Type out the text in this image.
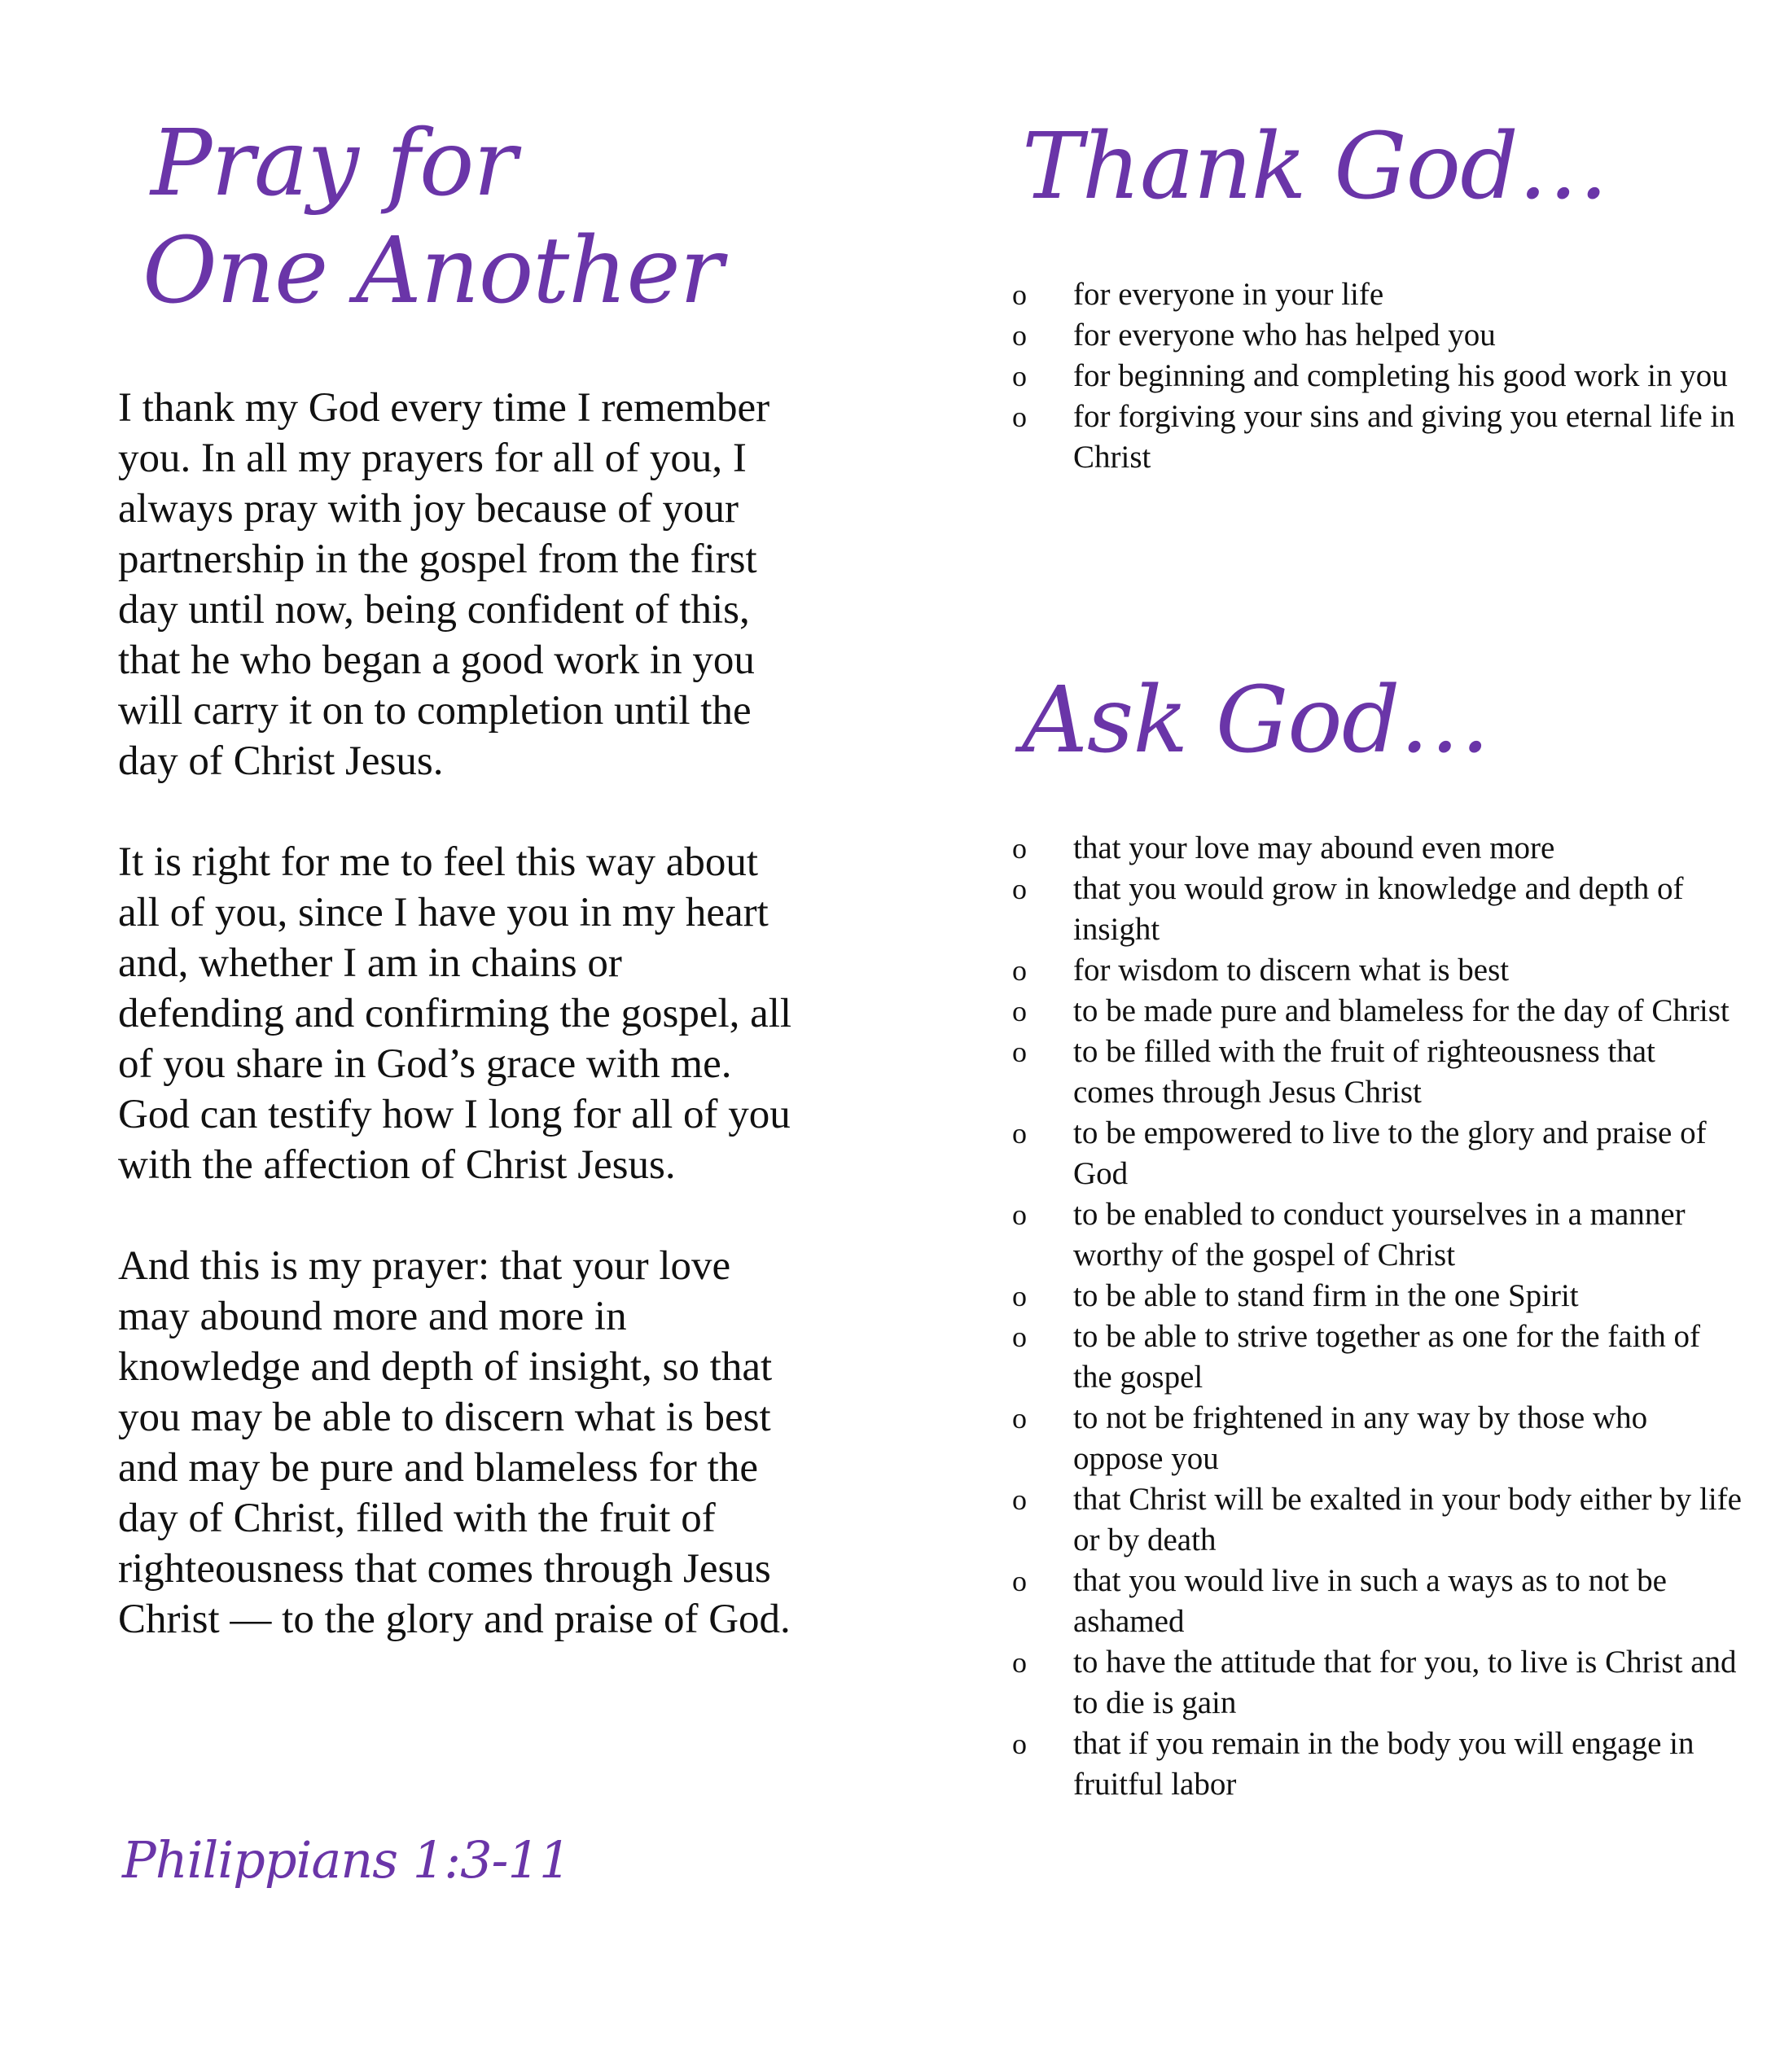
Pray for
One Another

I thank my God every time I remember you. In all my prayers for all of you, I always pray with joy because of your partnership in the gospel from the first day until now, being confident of this, that he who began a good work in you will carry it on to completion until the day of Christ Jesus.

It is right for me to feel this way about all of you, since I have you in my heart and, whether I am in chains or defending and confirming the gospel, all of you share in God’s grace with me. God can testify how I long for all of you with the affection of Christ Jesus.

And this is my prayer: that your love may abound more and more in knowledge and depth of insight, so that you may be able to discern what is best and may be pure and blameless for the day of Christ, filled with the fruit of righteousness that comes through Jesus Christ — to the glory and praise of God.

Philippians 1:3-11
Thank God…
o for everyone in your life
o for everyone who has helped you
o for beginning and completing his good work in you
o for forgiving your sins and giving you eternal life in Christ
Ask God…
o that your love may abound even more
o that you would grow in knowledge and depth of insight
o for wisdom to discern what is best
o to be made pure and blameless for the day of Christ
o to be filled with the fruit of righteousness that comes through Jesus Christ
o to be empowered to live to the glory and praise of God
o to be enabled to conduct yourselves in a manner worthy of the gospel of Christ
o to be able to stand firm in the one Spirit
o to be able to strive together as one for the faith of the gospel
o to not be frightened in any way by those who oppose you
o that Christ will be exalted in your body either by life or by death
o that you would live in such a ways as to not be ashamed
o to have the attitude that for you, to live is Christ and to die is gain
o that if you remain in the body you will engage in fruitful labor
